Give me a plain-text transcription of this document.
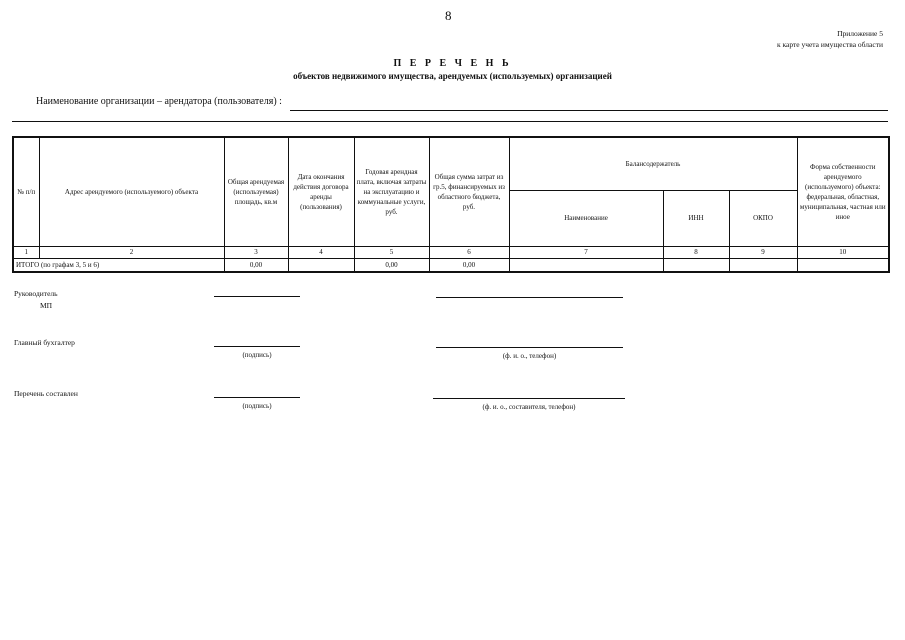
8
Приложение 5
к карте учета имущества области
П Е Р Е Ч Е Н Ь
объектов недвижимого имущества, арендуемых (используемых) организацией
Наименование организации – арендатора (пользователя) :
№ п/п	Адрес арендуемого (используемого) объекта	Общая арендуемая (используемая) площадь, кв.м	Дата окончания действия договора аренды (пользования)	Годовая арендная плата, включая затраты на эксплуатацию и коммунальные услуги, руб.	Общая сумма затрат из гр.5, финансируемых из областного бюджета, руб.	Балансодержатель			Форма собственности арендуемого (используемого) объекта: федеральная, областная, муниципальная, частная или иное
						Наименование	ИНН	ОКПО	
1	2	3	4	5	6	7	8	9	10
ИТОГО (по графам 3, 5 и 6)		0,00		0,00	0,00				
Руководитель
МП
Главный бухгалтер
(подпись)	(ф. и. о., телефон)
Перечень составлен
(подпись)	(ф. и. о., составителя, телефон)
